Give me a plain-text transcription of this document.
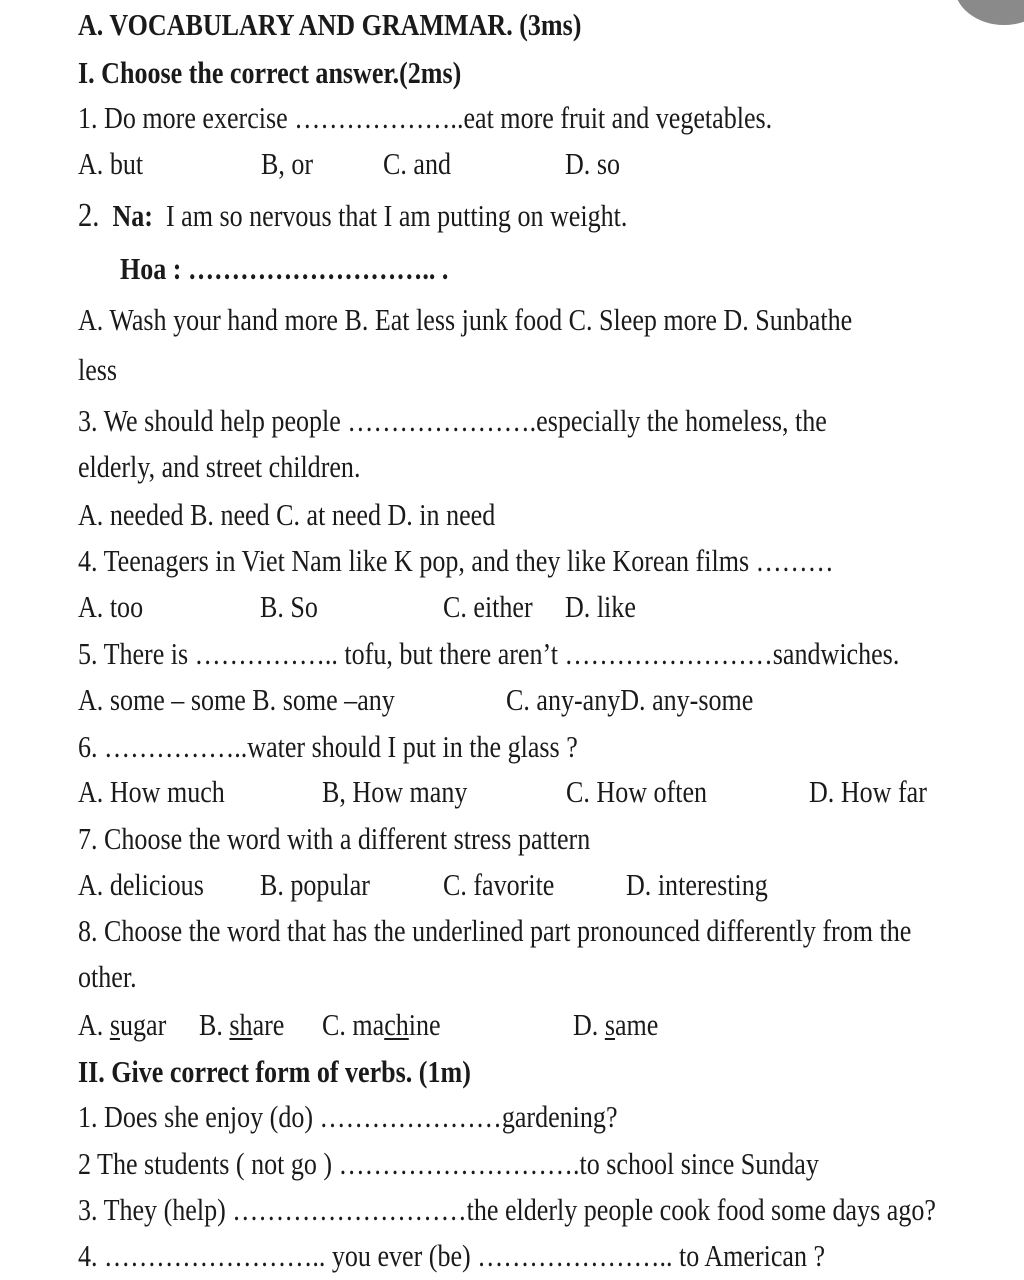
A. VOCABULARY AND GRAMMAR. (3ms)
I. Choose the correct answer.(2ms)
1. Do more exercise ………………..eat more fruit and vegetables.
A. but	B, or C. and	D. so
2. Na: I am so nervous that I am putting on weight.
Hoa : ……………………….. .
A. Wash your hand more B. Eat less junk food C. Sleep more D. Sunbathe
less
3. We should help people ………………….especially the homeless, the
elderly, and street children.
A. needed B. need C. at need D. in need
4. Teenagers in Viet Nam like K pop, and they like Korean films ………
A. too	B. So	C. either D. like
5. There is …………….. tofu, but there aren’t ……………………sandwiches.
A. some – some B. some –any	C. any-anyD. any-some
6. ……………..water should I put in the glass ?
A. How much	B, How many	C. How often	D. How far
7. Choose the word with a different stress pattern
A. delicious B. popular C. favorite D. interesting
8. Choose the word that has the underlined part pronounced differently from the
other.
A. sugar B. share C. machine	D. same
II. Give correct form of verbs. (1m)
1. Does she enjoy (do) …………………gardening?
2 The students ( not go ) ……………………….to school since Sunday
3. They (help) ………………………the elderly people cook food some days ago?
4. …………………….. you ever (be) ………………….. to American ?
